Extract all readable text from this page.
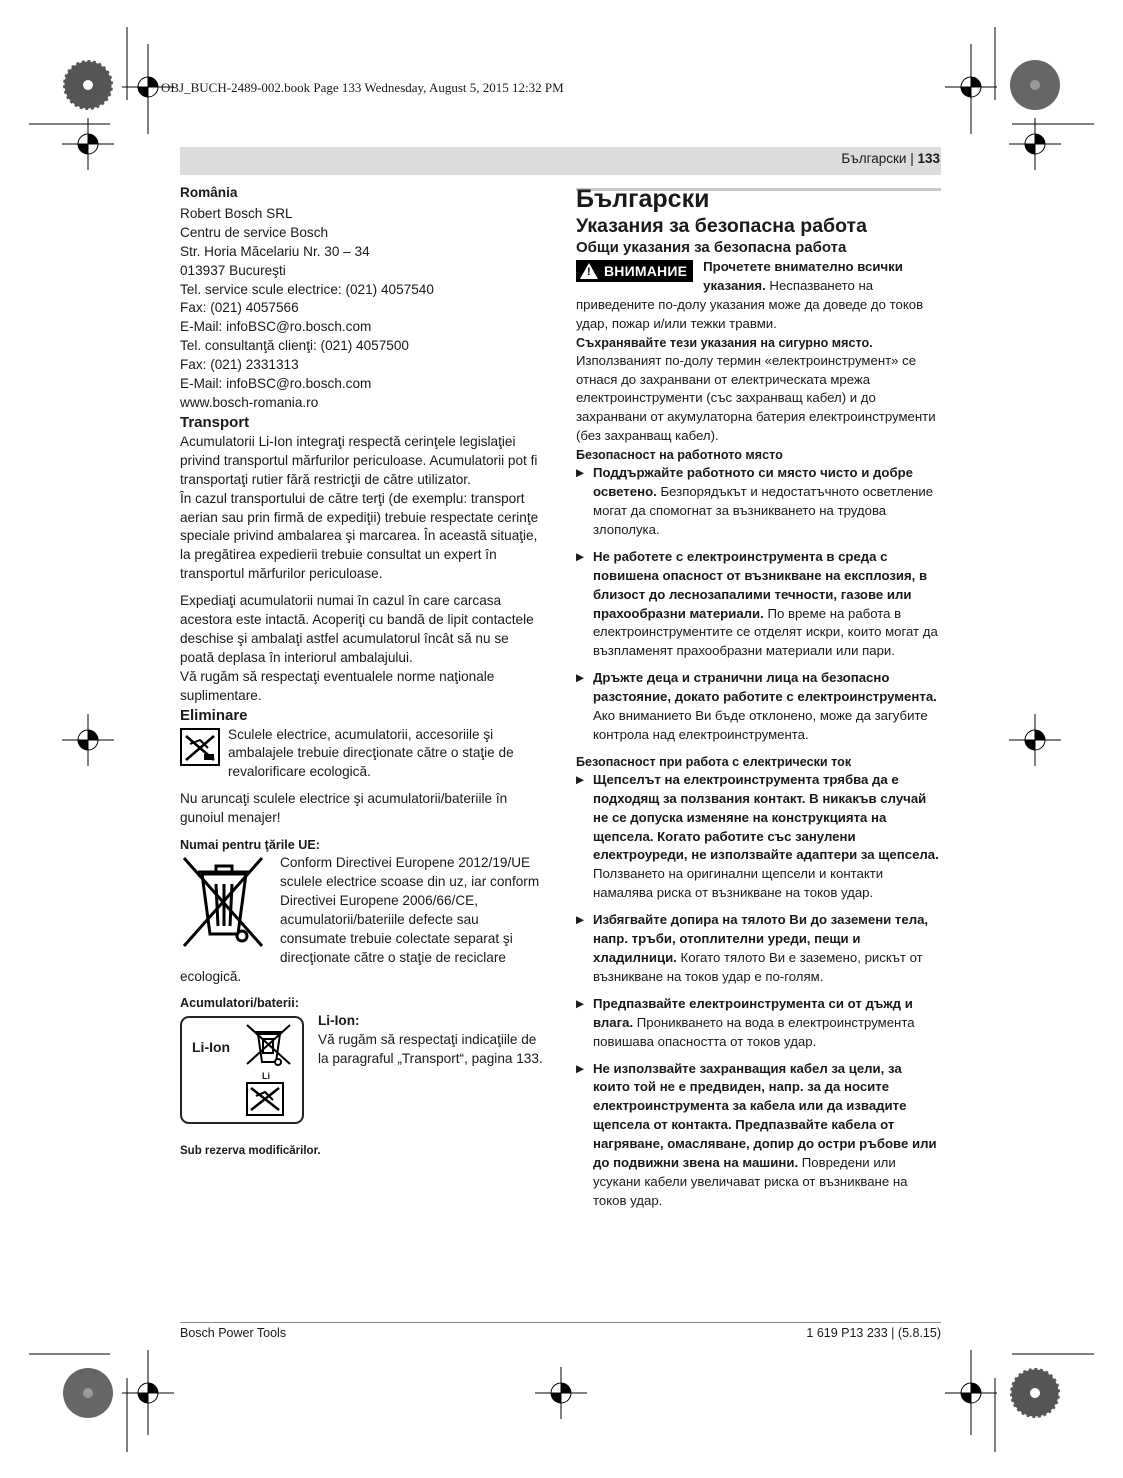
OBJ_BUCH-2489-002.book Page 133 Wednesday, August 5, 2015 12:32 PM
Български | 133

România

Robert Bosch SRL

Centru de service Bosch

Str. Horia Măcelariu Nr. 30 – 34

013937 Bucureşti

Tel. service scule electrice: (021) 4057540

Fax: (021) 4057566

E-Mail: infoBSC@ro.bosch.com

Tel. consultanţă clienţi: (021) 4057500

Fax: (021) 2331313

E-Mail: infoBSC@ro.bosch.com

www.bosch-romania.ro

Transport

Acumulatorii Li-Ion integraţi respectă cerinţele legislaţiei privind transportul mărfurilor periculoase. Acumulatorii pot fi transportaţi rutier fără restricţii de către utilizator.

În cazul transportului de către terţi (de exemplu: transport aerian sau prin firmă de expediţii) trebuie respectate cerinţe speciale privind ambalarea şi marcarea. În această situaţie, la pregătirea expedierii trebuie consultat un expert în transportul mărfurilor periculoase.

Expediaţi acumulatorii numai în cazul în care carcasa acestora este intactă. Acoperiţi cu bandă de lipit contactele deschise şi ambalaţi astfel acumulatorul încât să nu se poată deplasa în interiorul ambalajului.

Vă rugăm să respectaţi eventualele norme naţionale suplimentare.

Eliminare

Sculele electrice, acumulatorii, accesoriile şi ambalajele trebuie direcţionate către o staţie de revalorificare ecologică.

Nu aruncaţi sculele electrice şi acumulatorii/bateriile în gunoiul menajer!

Numai pentru ţările UE:

Conform Directivei Europene 2012/19/UE sculele electrice scoase din uz, iar conform Directivei Europene 2006/66/CE, acumulatorii/bateriile defecte sau consumate trebuie colectate separat şi direcţionate către o staţie de reciclare ecologică.

Acumulatori/baterii:

Li-Ion
Li

Li-Ion:

Vă rugăm să respectaţi indicaţiile de la paragraful „Transport“, pagina 133.

Sub rezerva modificărilor.

Български

Указания за безопасна работа

Общи указания за безопасна работа

! ВНИМАНИЕ	Прочетете внимателно всички указания. Неспазването на приведените по-долу указания може да доведе до токов удар, пожар и/или тежки травми.

Съхранявайте тези указания на сигурно място.

Използваният по-долу термин «електроинструмент» се отнася до захранвани от електрическата мрежа електроинструменти (със захранващ кабел) и до захранвани от акумулаторна батерия електроинструменти (без захранващ кабел).

Безопасност на работното място

▶ Поддържайте работното си място чисто и добре осветено. Безпорядъкът и недостатъчното осветление могат да спомогнат за възникването на трудова злополука.

▶ Не работете с електроинструмента в среда с повишена опасност от възникване на експлозия, в близост до леснозапалими течности, газове или прахообразни материали. По време на работа в електроинструментите се отделят искри, които могат да възпламенят прахообразни материали или пари.

▶ Дръжте деца и странични лица на безопасно разстояние, докато работите с електроинструмента. Ако вниманието Ви бъде отклонено, може да загубите контрола над електроинструмента.

Безопасност при работа с електрически ток

▶ Щепселът на електроинструмента трябва да е подходящ за ползвания контакт. В никакъв случай не се допуска изменяне на конструкцията на щепсела. Когато работите със занулени електроуреди, не използвайте адаптери за щепсела. Ползването на оригинални щепсели и контакти намалява риска от възникване на токов удар.

▶ Избягвайте допира на тялото Ви до заземени тела, напр. тръби, отоплителни уреди, пещи и хладилници. Когато тялото Ви е заземено, рискът от възникване на токов удар е по-голям.

▶ Предпазвайте електроинструмента си от дъжд и влага. Проникването на вода в електроинструмента повишава опасността от токов удар.

▶ Не използвайте захранващия кабел за цели, за които той не е предвиден, напр. за да носите електроинструмента за кабела или да извадите щепсела от контакта. Предпазвайте кабела от нагряване, омасляване, допир до остри ръбове или до подвижни звена на машини. Повредени или усукани кабели увеличават риска от възникване на токов удар.

Bosch Power Tools	1 619 P13 233 | (5.8.15)
